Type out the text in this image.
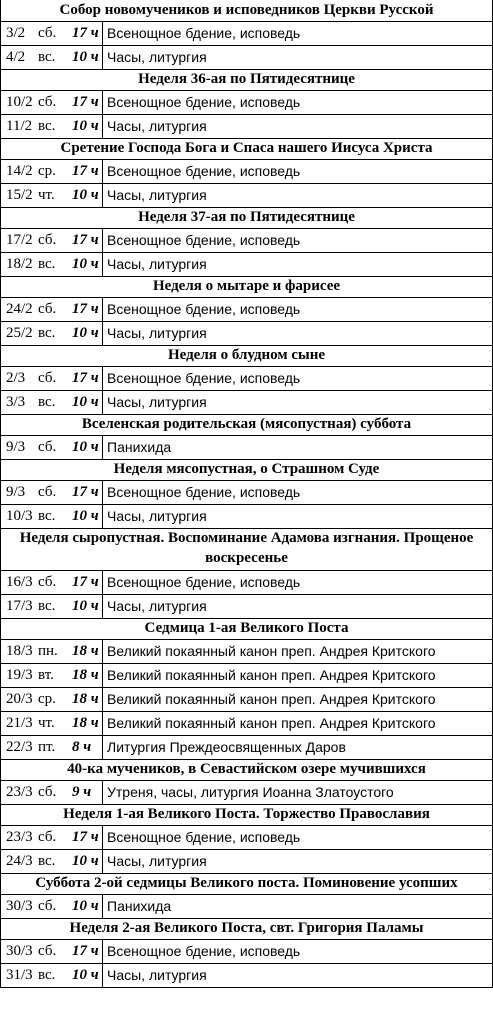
Собор новомучеников и исповедников Церкви Русской
3/2 сб.	17 ч Всенощное бдение, исповедь
4/2 вс.	10 ч Часы, литургия
Неделя 36-ая по Пятидесятнице
10/2 сб.	17 ч Всенощное бдение, исповедь
11/2 вс.	10 ч Часы, литургия
Сретение Господа Бога и Спаса нашего Иисуса Христа
14/2 ср.	17 ч Всенощное бдение, исповедь
15/2 чт.	10 ч Часы, литургия
Неделя 37-ая по Пятидесятнице
17/2 сб.	17 ч Всенощное бдение, исповедь
18/2 вс.	10 ч Часы, литургия
Неделя о мытаре и фарисее
24/2 сб.	17 ч Всенощное бдение, исповедь
25/2 вс.	10 ч Часы, литургия
Неделя о блудном сыне
2/3 сб.	17 ч Всенощное бдение, исповедь
3/3 вс.	10 ч Часы, литургия
Вселенская родительская (мясопустная) суббота
9/3 сб.	10 ч Панихида
Неделя мясопустная, о Страшном Суде
9/3 сб.	17 ч Всенощное бдение, исповедь
10/3 вс.	10 ч Часы, литургия
Неделя сыропустная. Воспоминание Адамова изгнания. Прощеное воскресенье
16/3 сб.	17 ч Всенощное бдение, исповедь
17/3 вс.	10 ч Часы, литургия
Седмица 1-ая Великого Поста
18/3 пн. 18 ч Великий покаянный канон преп. Андрея Критского
19/3 вт.	18 ч Великий покаянный канон преп. Андрея Критского
20/3 ср.	18 ч Великий покаянный канон преп. Андрея Критского
21/3 чт.	18 ч Великий покаянный канон преп. Андрея Критского
22/3 пт.	8 ч Литургия Преждеосвященных Даров
40-ка мучеников, в Севастийском озере мучившихся
23/3 сб.	9 ч Утреня, часы, литургия Иоанна Златоустого
Неделя 1-ая Великого Поста. Торжество Православия
23/3 сб.	17 ч Всенощное бдение, исповедь
24/3 вс.	10 ч Часы, литургия
Суббота 2-ой седмицы Великого поста. Поминовение усопших
30/3 сб.	10 ч Панихида
Неделя 2-ая Великого Поста, свт. Григория Паламы
30/3 сб.	17 ч Всенощное бдение, исповедь
31/3 вс.	10 ч Часы, литургия
